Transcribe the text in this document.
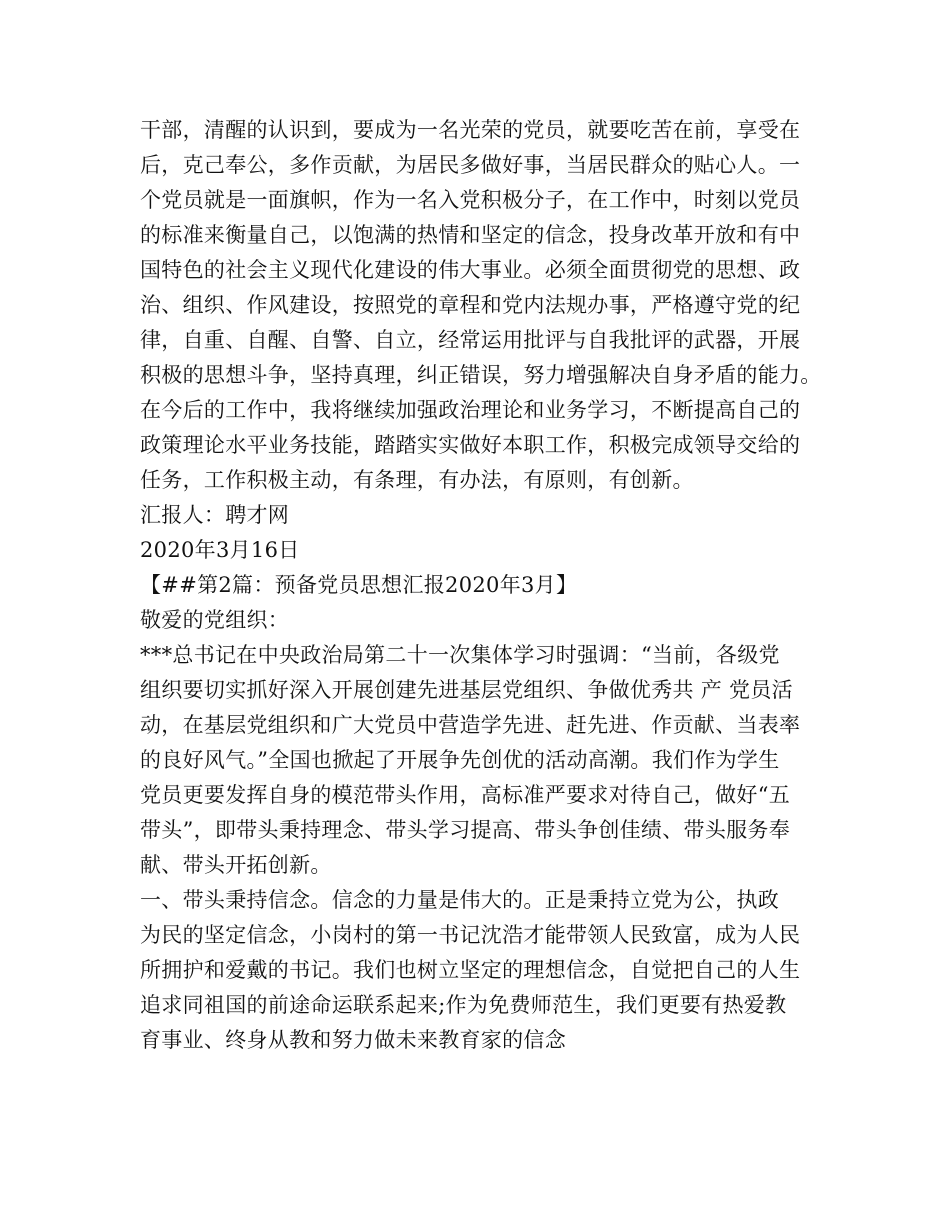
干部，清醒的认识到，要成为一名光荣的党员，就要吃苦在前，享受在
后，克己奉公，多作贡献，为居民多做好事，当居民群众的贴心人。一
个党员就是一面旗帜，作为一名入党积极分子，在工作中，时刻以党员
的标准来衡量自己，以饱满的热情和坚定的信念，投身改革开放和有中
国特色的社会主义现代化建设的伟大事业。必须全面贯彻党的思想、政
治、组织、作风建设，按照党的章程和党内法规办事，严格遵守党的纪
律，自重、自醒、自警、自立，经常运用批评与自我批评的武器，开展
积极的思想斗争，坚持真理，纠正错误，努力增强解决自身矛盾的能力。
在今后的工作中，我将继续加强政治理论和业务学习，不断提高自己的
政策理论水平业务技能，踏踏实实做好本职工作，积极完成领导交给的
任务，工作积极主动，有条理，有办法，有原则，有创新。
汇报人：聘才网
2020年3月16日
【##第2篇：预备党员思想汇报2020年3月】
敬爱的党组织：
***总书记在中央政治局第二十一次集体学习时强调：“当前，各级党
组织要切实抓好深入开展创建先进基层党组织、争做优秀共 产 党员活
动，在基层党组织和广大党员中营造学先进、赶先进、作贡献、当表率
的良好风气。”全国也掀起了开展争先创优的活动高潮。我们作为学生
党员更要发挥自身的模范带头作用，高标准严要求对待自己，做好“五
带头”，即带头秉持理念、带头学习提高、带头争创佳绩、带头服务奉
献、带头开拓创新。
一、带头秉持信念。信念的力量是伟大的。正是秉持立党为公，执政
为民的坚定信念，小岗村的第一书记沈浩才能带领人民致富，成为人民
所拥护和爱戴的书记。我们也树立坚定的理想信念，自觉把自己的人生
追求同祖国的前途命运联系起来;作为免费师范生，我们更要有热爱教
育事业、终身从教和努力做未来教育家的信念
